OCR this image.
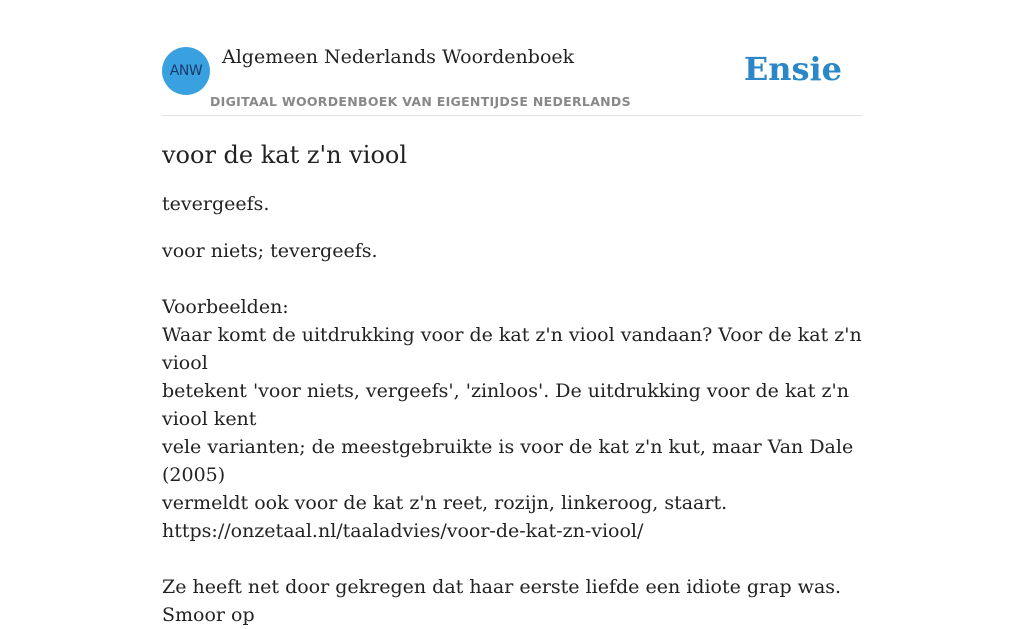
ANW
Algemeen Nederlands Woordenboek
DIGITAAL WOORDENBOEK VAN EIGENTIJDSE NEDERLANDS
Ensie
voor de kat z'n viool

tevergeefs.

voor niets; tevergeefs.
Voorbeelden:
Waar komt de uitdrukking voor de kat z'n viool vandaan? Voor de kat z'n viool
betekent 'voor niets, vergeefs', 'zinloos'. De uitdrukking voor de kat z'n viool kent
vele varianten; de meestgebruikte is voor de kat z'n kut, maar Van Dale (2005)
vermeldt ook voor de kat z'n reet, rozijn, linkeroog, staart.
https://onzetaal.nl/taaladvies/voor-de-kat-zn-viool/
Ze heeft net door gekregen dat haar eerste liefde een idiote grap was. Smoor op
